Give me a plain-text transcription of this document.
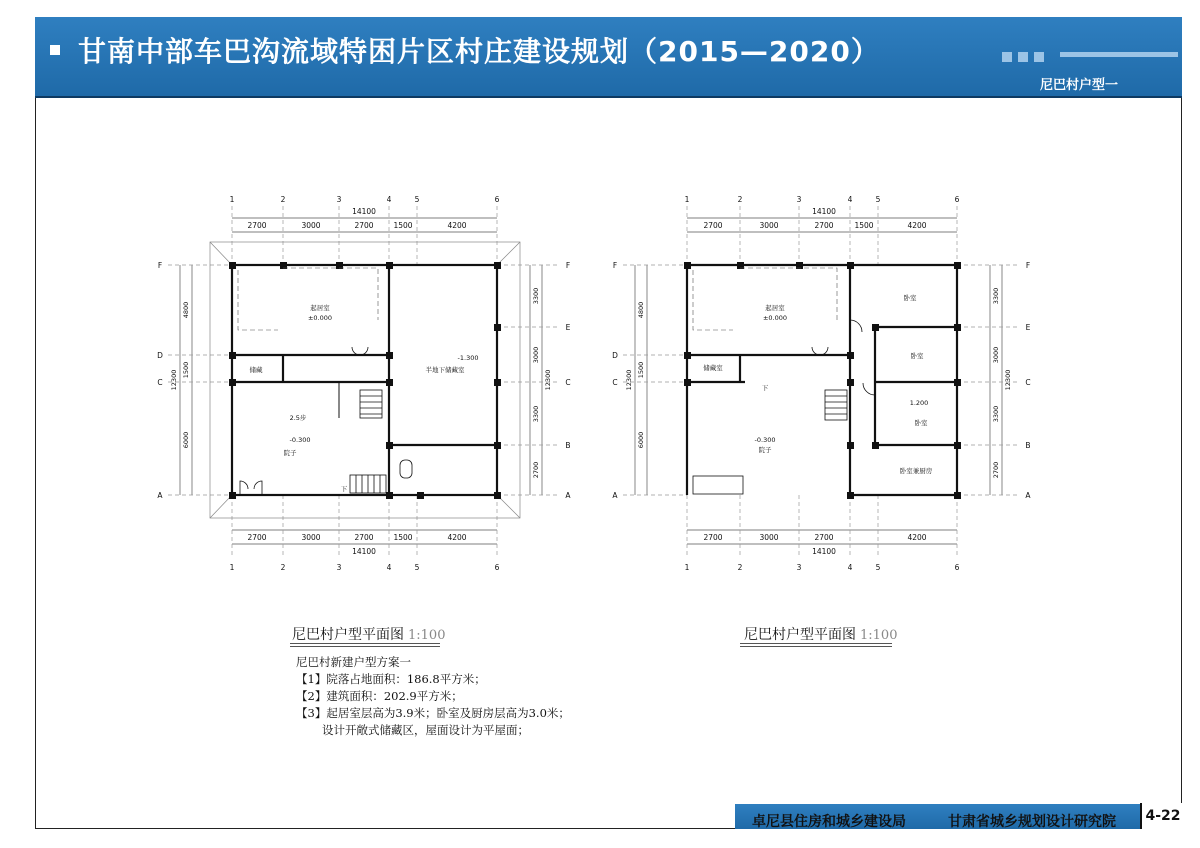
甘南中部车巴沟流域特困片区村庄建设规划（2015—2020）
尼巴村户型一
1	2	3	4	5	6
2700	3000	2700	1500	4200
14100
2700	3000	2700	1500	4200
14100
1	2	3	4	5	6
F
D
C
A
F
E
C
B
A
4800
1500
6000
12300
3300
3000
3300
2700
12300
起居室
±0.000
储藏	半地下储藏室
-1.300
院子
-0.300
2.5步
下
1	2	3	4	5	6
2700	3000	2700	1500	4200
14100
2700	3000	2700	4200
14100
1	2	3	4	5	6
F
D
C
A
F
E
C
B
A
4800
1500
6000
12300
3300
3000
3300
2700
12300
起居室
±0.000
储藏室
卧室
卧室
1.200
卧室
卧室兼厨房
院子
-0.300
下
尼巴村户型平面图 1:100	尼巴村户型平面图 1:100
尼巴村新建户型方案一
【1】院落占地面积：186.8平方米；
【2】建筑面积：202.9平方米；
【3】起居室层高为3.9米；卧室及厨房层高为3.0米；
设计开敞式储藏区，屋面设计为平屋面；
卓尼县住房和城乡建设局	甘肃省城乡规划设计研究院	4-22
